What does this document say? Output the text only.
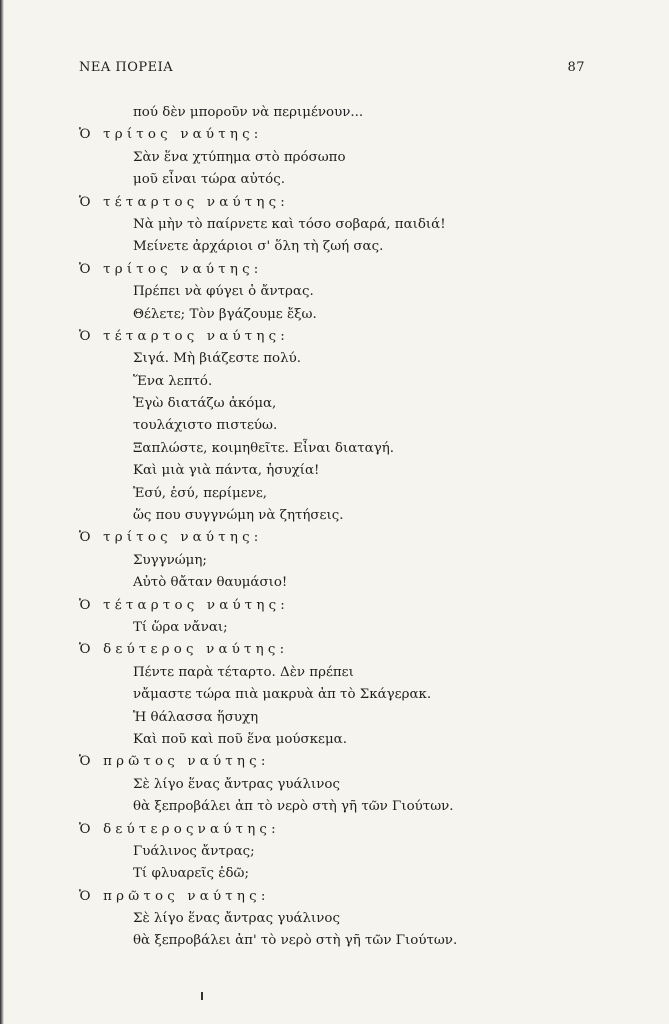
ΝΕΑ ΠΟΡΕΙΑ	87
πού δὲν μποροῦν νὰ περιμένουν...
Ὁ τρίτος ναύτης:
Σὰν ἕνα χτύπημα στὸ πρόσωπο
μοῦ εἶναι τώρα αὐτός.
Ὁ τέταρτος ναύτης:
Νὰ μὴν τὸ παίρνετε καὶ τόσο σοβαρά, παιδιά!
Μείνετε ἀρχάριοι σ' ὅλη τὴ ζωή σας.
Ὁ τρίτος ναύτης:
Πρέπει νὰ φύγει ὁ ἄντρας.
Θέλετε; Τὸν βγάζουμε ἔξω.
Ὁ τέταρτος ναύτης:
Σιγά. Μὴ βιάζεστε πολύ.
Ἕνα λεπτό.
Ἐγὼ διατάζω ἀκόμα,
τουλάχιστο πιστεύω.
Ξαπλώστε, κοιμηθεῖτε. Εἶναι διαταγή.
Καὶ μιὰ γιὰ πάντα, ἡσυχία!
Ἐσύ, ἐσύ, περίμενε,
ὥς που συγγνώμη νὰ ζητήσεις.
Ὁ τρίτος ναύτης:
Συγγνώμη;
Αὐτὸ θἄταν θαυμάσιο!
Ὁ τέταρτος ναύτης:
Τί ὥρα νἄναι;
Ὁ δεύτερος ναύτης:
Πέντε παρὰ τέταρτο. Δὲν πρέπει
νἄμαστε τώρα πιὰ μακρυὰ ἀπ τὸ Σκάγερακ.
Ἡ θάλασσα ἥσυχη
Καὶ ποῦ καὶ ποῦ ἕνα μούσκεμα.
Ὁ πρῶτος ναύτης:
Σὲ λίγο ἕνας ἄντρας γυάλινος
θὰ ξεπροβάλει ἀπ τὸ νερὸ στὴ γῆ τῶν Γιούτων.
Ὁ δεύτεροςναύτης:
Γυάλινος ἄντρας;
Τί φλυαρεῖς ἐδῶ;
Ὁ πρῶτος ναύτης:
Σὲ λίγο ἕνας ἄντρας γυάλινος
θὰ ξεπροβάλει ἀπ' τὸ νερὸ στὴ γῆ τῶν Γιούτων.
